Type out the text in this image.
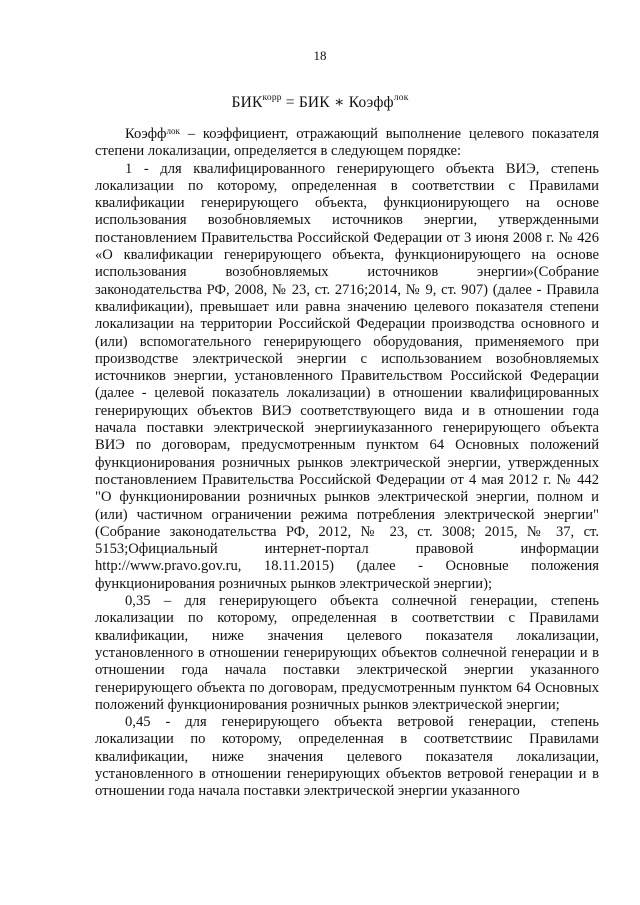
18
$БИК^{корр}$ = БИК ∗ Коэфф$^{лок}$

Коэфф$^{лок}$ – коэффициент, отражающий выполнение целевого показателя степени локализации, определяется в следующем порядке:

1 - для квалифицированного генерирующего объекта ВИЭ, степень локализации по которому, определенная в соответствии с Правилами квалификации генерирующего объекта, функционирующего на основе использования возобновляемых источников энергии, утвержденными постановлением Правительства Российской Федерации от 3 июня 2008 г. № 426 «О квалификации генерирующего объекта, функционирующего на основе использования возобновляемых источников энергии»(Собрание законодательства РФ, 2008, № 23, ст. 2716;2014, № 9, ст. 907) (далее - Правила квалификации), превышает или равна значению целевого показателя степени локализации на территории Российской Федерации производства основного и (или) вспомогательного генерирующего оборудования, применяемого при производстве электрической энергии с использованием возобновляемых источников энергии, установленного Правительством Российской Федерации (далее - целевой показатель локализации) в отношении квалифицированных генерирующих объектов ВИЭ соответствующего вида и в отношении года начала поставки электрической энергииуказанного генерирующего объекта ВИЭ по договорам, предусмотренным пунктом 64 Основных положений функционирования розничных рынков электрической энергии, утвержденных постановлением Правительства Российской Федерации от 4 мая 2012 г. № 442 "О функционировании розничных рынков электрической энергии, полном и (или) частичном ограничении режима потребления электрической энергии" (Собрание законодательства РФ, 2012, № 23, ст. 3008; 2015, № 37, ст. 5153;Официальный интернет-портал правовой информации http://www.pravo.gov.ru, 18.11.2015) (далее - Основные положения функционирования розничных рынков электрической энергии);

0,35 – для генерирующего объекта солнечной генерации, степень локализации по которому, определенная в соответствии с Правилами квалификации, ниже значения целевого показателя локализации, установленного в отношении генерирующих объектов солнечной генерации и в отношении года начала поставки электрической энергии указанного генерирующего объекта по договорам, предусмотренным пунктом 64 Основных положений функционирования розничных рынков электрической энергии;

0,45 - для генерирующего объекта ветровой генерации, степень локализации по которому, определенная в соответствиис Правилами квалификации, ниже значения целевого показателя локализации, установленного в отношении генерирующих объектов ветровой генерации и в отношении года начала поставки электрической энергии указанного
